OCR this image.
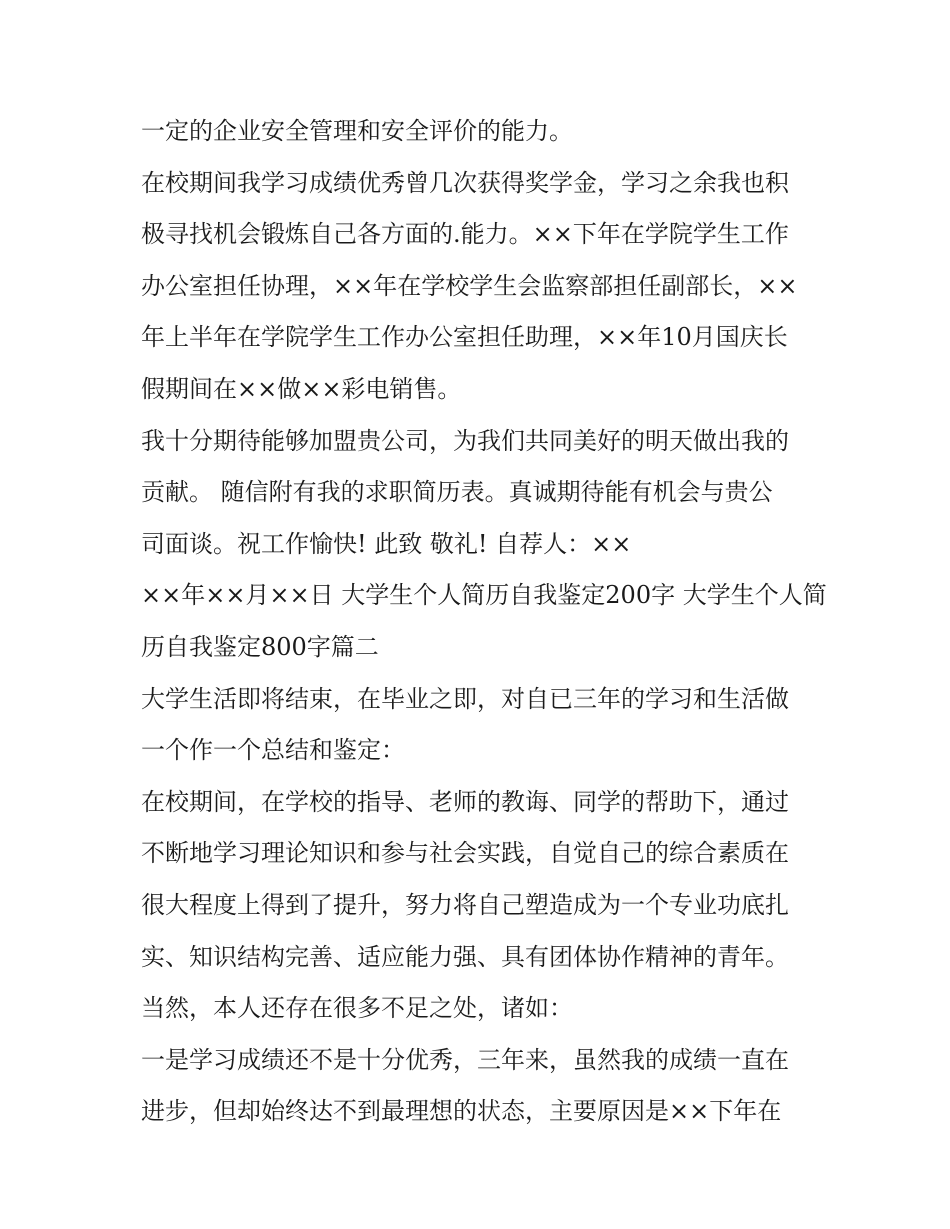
一定的企业安全管理和安全评价的能力。
在校期间我学习成绩优秀曾几次获得奖学金，学习之余我也积
极寻找机会锻炼自己各方面的.能力。××下年在学院学生工作
办公室担任协理，××年在学校学生会监察部担任副部长，××
年上半年在学院学生工作办公室担任助理，××年10月国庆长
假期间在××做××彩电销售。
我十分期待能够加盟贵公司，为我们共同美好的明天做出我的
贡献。 随信附有我的求职简历表。真诚期待能有机会与贵公
司面谈。祝工作愉快! 此致 敬礼! 自荐人：××
××年××月××日 大学生个人简历自我鉴定200字 大学生个人简
历自我鉴定800字篇二
大学生活即将结束，在毕业之即，对自已三年的学习和生活做
一个作一个总结和鉴定：
在校期间，在学校的指导、老师的教诲、同学的帮助下，通过
不断地学习理论知识和参与社会实践，自觉自己的综合素质在
很大程度上得到了提升，努力将自己塑造成为一个专业功底扎
实、知识结构完善、适应能力强、具有团体协作精神的青年。
当然，本人还存在很多不足之处，诸如：
一是学习成绩还不是十分优秀，三年来，虽然我的成绩一直在
进步，但却始终达不到最理想的状态，主要原因是××下年在
